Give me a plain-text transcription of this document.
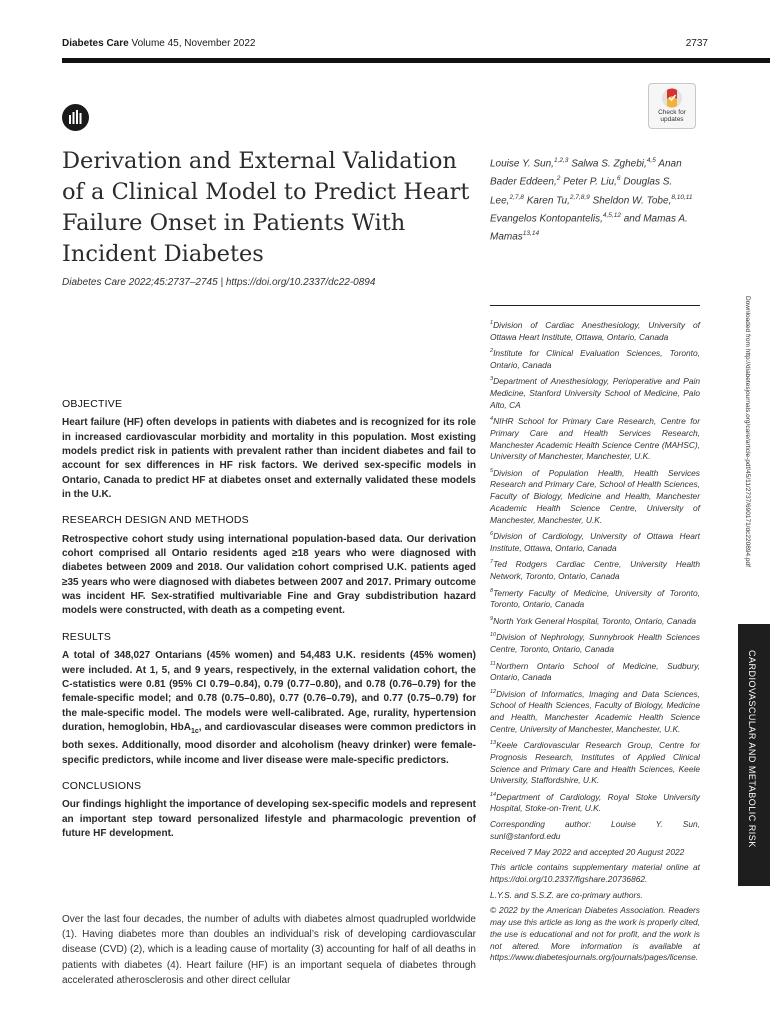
Diabetes Care Volume 45, November 2022	2737
Check for
updates
Derivation and External Validation of a Clinical Model to Predict Heart Failure Onset in Patients With Incident Diabetes
Diabetes Care 2022;45:2737–2745 | https://doi.org/10.2337/dc22-0894
Louise Y. Sun,$^{1,2,3}$ Salwa S. Zghebi,$^{4,5}$ Anan Bader Eddeen,$^2$ Peter P. Liu,$^6$ Douglas S. Lee,$^{2,7,8}$ Karen Tu,$^{2,7,8,9}$ Sheldon W. Tobe,$^{8,10,11}$ Evangelos Kontopantelis,$^{4,5,12}$ and Mamas A. Mamas$^{13,14}$

$^1$Division of Cardiac Anesthesiology, University of Ottawa Heart Institute, Ottawa, Ontario, Canada

$^2$Institute for Clinical Evaluation Sciences, Toronto, Ontario, Canada

$^3$Department of Anesthesiology, Perioperative and Pain Medicine, Stanford University School of Medicine, Palo Alto, CA

$^4$NIHR School for Primary Care Research, Centre for Primary Care and Health Services Research, Manchester Academic Health Science Centre (MAHSC), University of Manchester, Manchester, U.K.

$^5$Division of Population Health, Health Services Research and Primary Care, School of Health Sciences, Faculty of Biology, Medicine and Health, Manchester Academic Health Science Centre, University of Manchester, Manchester, U.K.

$^6$Division of Cardiology, University of Ottawa Heart Institute, Ottawa, Ontario, Canada

$^7$Ted Rodgers Cardiac Centre, University Health Network, Toronto, Ontario, Canada

$^8$Temerty Faculty of Medicine, University of Toronto, Toronto, Ontario, Canada

$^9$North York General Hospital, Toronto, Ontario, Canada

$^{10}$Division of Nephrology, Sunnybrook Health Sciences Centre, Toronto, Ontario, Canada

$^{11}$Northern Ontario School of Medicine, Sudbury, Ontario, Canada

$^{12}$Division of Informatics, Imaging and Data Sciences, School of Health Sciences, Faculty of Biology, Medicine and Health, Manchester Academic Health Science Centre, University of Manchester, Manchester, U.K.

$^{13}$Keele Cardiovascular Research Group, Centre for Prognosis Research, Institutes of Applied Clinical Science and Primary Care and Health Sciences, Keele University, Staffordshire, U.K.

$^{14}$Department of Cardiology, Royal Stoke University Hospital, Stoke-on-Trent, U.K.

Corresponding author: Louise Y. Sun, sunl@stanford.edu

Received 7 May 2022 and accepted 20 August 2022

This article contains supplementary material online at https://doi.org/10.2337/figshare.20736862.

L.Y.S. and S.S.Z. are co-primary authors.

© 2022 by the American Diabetes Association. Readers may use this article as long as the work is properly cited, the use is educational and not for profit, and the work is not altered. More information is available at https://www.diabetesjournals.org/journals/pages/license.

Downloaded from http://diabetesjournals.org/care/article-pdf/45/11/2737/690171/dc220894.pdf
CARDIOVASCULAR AND METABOLIC RISK
OBJECTIVE

Heart failure (HF) often develops in patients with diabetes and is recognized for its role in increased cardiovascular morbidity and mortality in this population. Most existing models predict risk in patients with prevalent rather than incident diabetes and fail to account for sex differences in HF risk factors. We derived sex-specific models in Ontario, Canada to predict HF at diabetes onset and externally validated these models in the U.K.

RESEARCH DESIGN AND METHODS

Retrospective cohort study using international population-based data. Our derivation cohort comprised all Ontario residents aged ≥18 years who were diagnosed with diabetes between 2009 and 2018. Our validation cohort comprised U.K. patients aged ≥35 years who were diagnosed with diabetes between 2007 and 2017. Primary outcome was incident HF. Sex-stratified multivariable Fine and Gray subdistribution hazard models were constructed, with death as a competing event.

RESULTS

A total of 348,027 Ontarians (45% women) and 54,483 U.K. residents (45% women) were included. At 1, 5, and 9 years, respectively, in the external validation cohort, the C-statistics were 0.81 (95% CI 0.79–0.84), 0.79 (0.77–0.80), and 0.78 (0.76–0.79) for the female-specific model; and 0.78 (0.75–0.80), 0.77 (0.76–0.79), and 0.77 (0.75–0.79) for the male-specific model. The models were well-calibrated. Age, rurality, hypertension duration, hemoglobin, HbA$_{1c}$, and cardiovascular diseases were common predictors in both sexes. Additionally, mood disorder and alcoholism (heavy drinker) were female-specific predictors, while income and liver disease were male-specific predictors.

CONCLUSIONS

Our findings highlight the importance of developing sex-specific models and represent an important step toward personalized lifestyle and pharmacologic prevention of future HF development.

Over the last four decades, the number of adults with diabetes almost quadrupled worldwide (1). Having diabetes more than doubles an individual’s risk of developing cardiovascular disease (CVD) (2), which is a leading cause of mortality (3) accounting for half of all deaths in patients with diabetes (4). Heart failure (HF) is an important sequela of diabetes through accelerated atherosclerosis and other direct cellular
